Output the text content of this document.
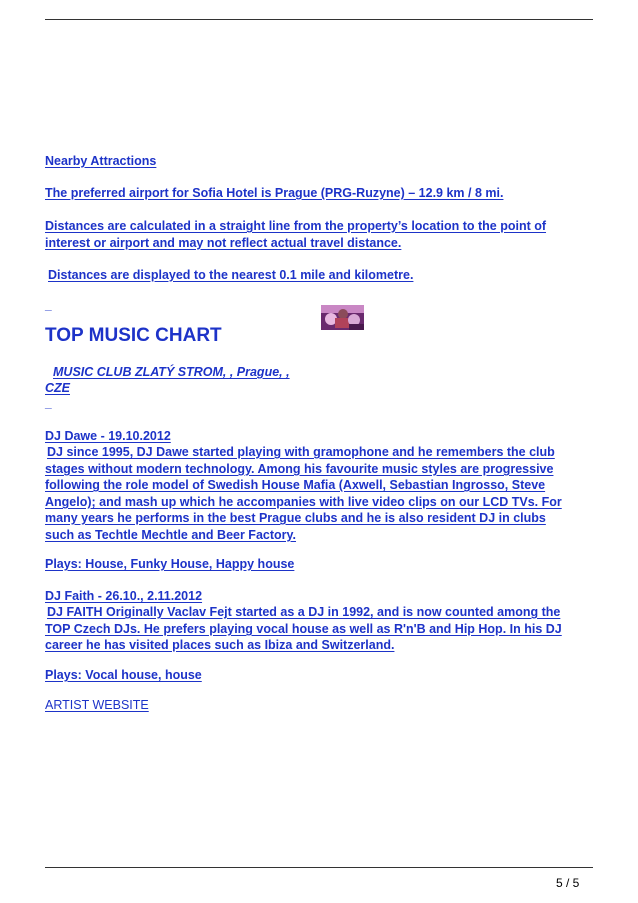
Nearby Attractions
The preferred airport for Sofia Hotel is Prague (PRG-Ruzyne) – 12.9 km / 8 mi.
Distances are calculated in a straight line from the property’s location to the point of
interest or airport and may not reflect actual travel distance.
Distances are displayed to the nearest 0.1 mile and kilometre.
_
TOP MUSIC CHART
MUSIC CLUB ZLATÝ STROM, , Prague, ,
CZE
_
DJ Dawe - 19.10.2012
DJ since 1995, DJ Dawe started playing with gramophone and he remembers the club
stages without modern technology. Among his favourite music styles are progressive
following the role model of Swedish House Mafia (Axwell, Sebastian Ingrosso, Steve
Angelo); and mash up which he accompanies with live video clips on our LCD TVs. For
many years he performs in the best Prague clubs and he is also resident DJ in clubs
such as Techtle Mechtle and Beer Factory.
Plays: House, Funky House, Happy house
DJ Faith - 26.10., 2.11.2012
DJ FAITH Originally Vaclav Fejt started as a DJ in 1992, and is now counted among the
TOP Czech DJs. He prefers playing vocal house as well as R'n'B and Hip Hop. In his DJ
career he has visited places such as Ibiza and Switzerland.
Plays: Vocal house, house
ARTIST WEBSITE
5 / 5
